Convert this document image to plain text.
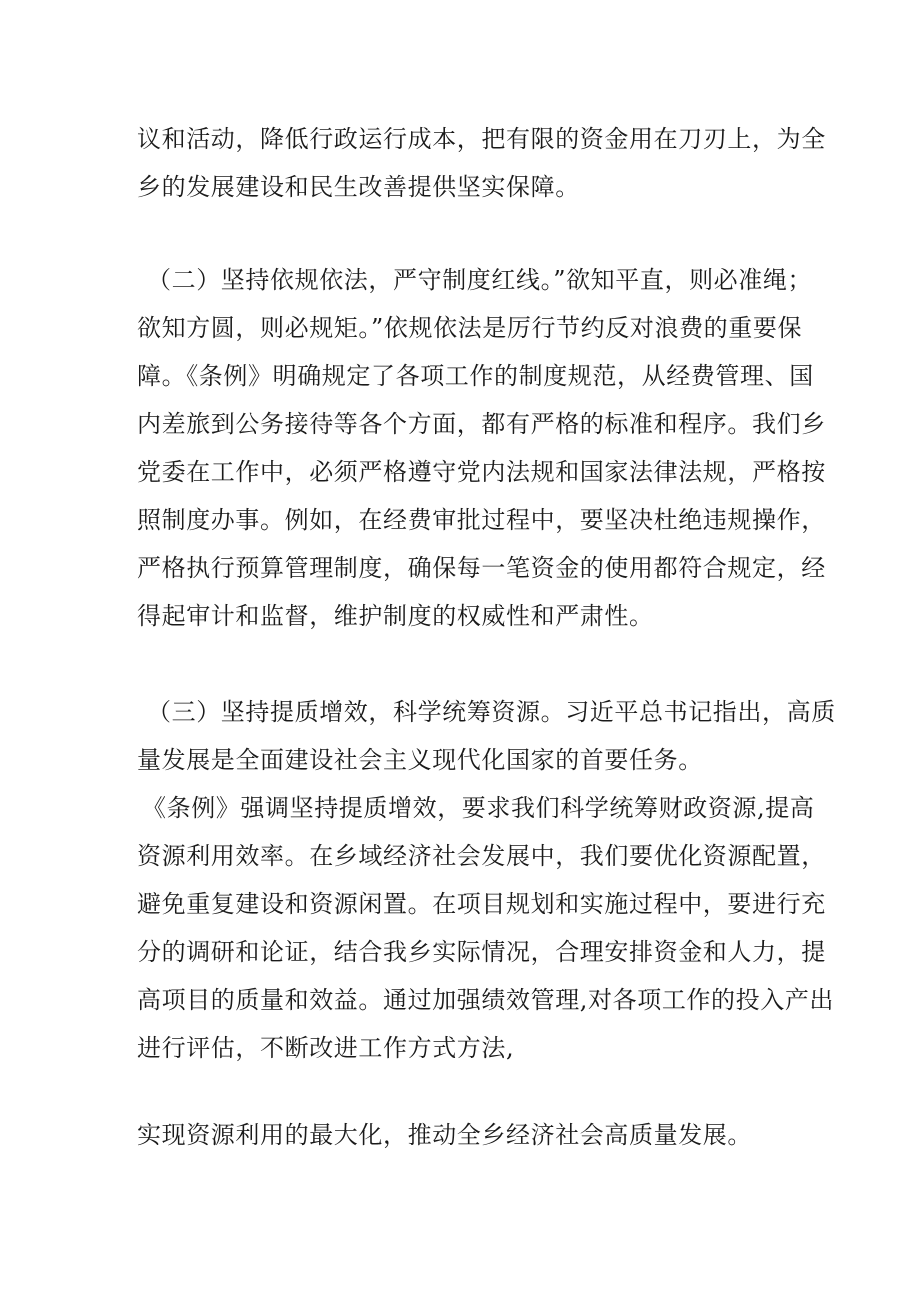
议和活动，降低行政运行成本，把有限的资金用在刀刃上，为全
乡的发展建设和民生改善提供坚实保障。
（二）坚持依规依法，严守制度红线。”欲知平直，则必准绳；
欲知方圆，则必规矩。”依规依法是厉行节约反对浪费的重要保
障。《条例》明确规定了各项工作的制度规范，从经费管理、国
内差旅到公务接待等各个方面，都有严格的标准和程序。我们乡
党委在工作中，必须严格遵守党内法规和国家法律法规，严格按
照制度办事。例如，在经费审批过程中，要坚决杜绝违规操作，
严格执行预算管理制度，确保每一笔资金的使用都符合规定，经
得起审计和监督，维护制度的权威性和严肃性。
（三）坚持提质增效，科学统筹资源。习近平总书记指出，高质
量发展是全面建设社会主义现代化国家的首要任务。
《条例》强调坚持提质增效，要求我们科学统筹财政资源,提高
资源利用效率。在乡域经济社会发展中，我们要优化资源配置，
避免重复建设和资源闲置。在项目规划和实施过程中，要进行充
分的调研和论证，结合我乡实际情况，合理安排资金和人力，提
高项目的质量和效益。通过加强绩效管理,对各项工作的投入产出
进行评估，不断改进工作方式方法,
实现资源利用的最大化，推动全乡经济社会高质量发展。
